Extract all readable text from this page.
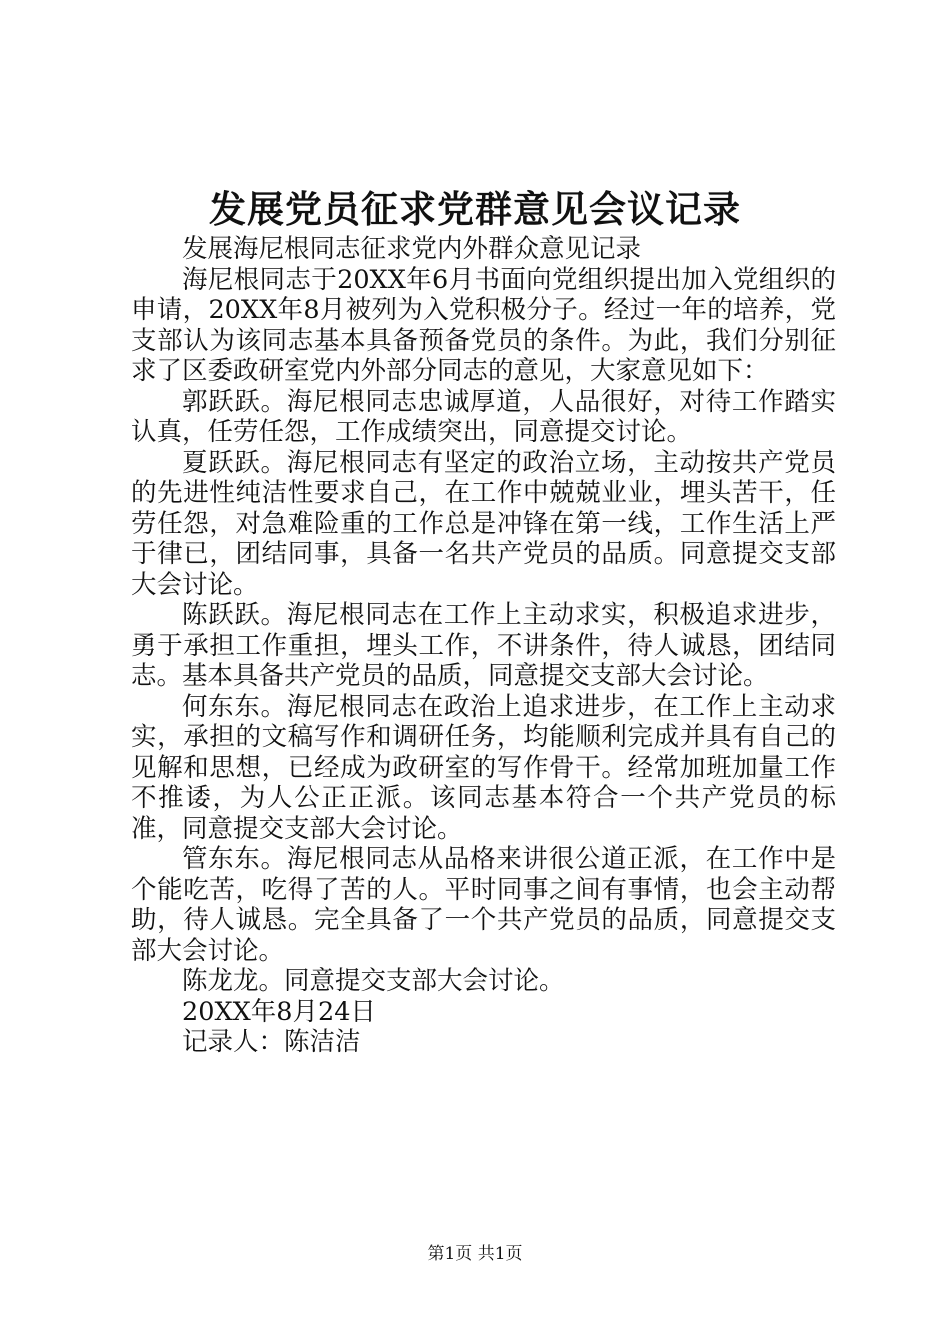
发展党员征求党群意见会议记录

发展海尼根同志征求党内外群众意见记录

海尼根同志于20XX年6月书面向党组织提出加入党组织的申请，20XX年8月被列为入党积极分子。经过一年的培养，党支部认为该同志基本具备预备党员的条件。为此，我们分别征求了区委政研室党内外部分同志的意见，大家意见如下：

郭跃跃。海尼根同志忠诚厚道，人品很好，对待工作踏实认真，任劳任怨，工作成绩突出，同意提交讨论。

夏跃跃。海尼根同志有坚定的政治立场，主动按共产党员的先进性纯洁性要求自己，在工作中兢兢业业，埋头苦干，任劳任怨，对急难险重的工作总是冲锋在第一线，工作生活上严于律已，团结同事，具备一名共产党员的品质。同意提交支部大会讨论。

陈跃跃。海尼根同志在工作上主动求实，积极追求进步，勇于承担工作重担，埋头工作，不讲条件，待人诚恳，团结同志。基本具备共产党员的品质，同意提交支部大会讨论。

何东东。海尼根同志在政治上追求进步，在工作上主动求实，承担的文稿写作和调研任务，均能顺利完成并具有自己的见解和思想，已经成为政研室的写作骨干。经常加班加量工作不推诿，为人公正正派。该同志基本符合一个共产党员的标准，同意提交支部大会讨论。

管东东。海尼根同志从品格来讲很公道正派，在工作中是个能吃苦，吃得了苦的人。平时同事之间有事情，也会主动帮助，待人诚恳。完全具备了一个共产党员的品质，同意提交支部大会讨论。

陈龙龙。同意提交支部大会讨论。

20XX年8月24日

记录人：陈洁洁

第1页 共1页
